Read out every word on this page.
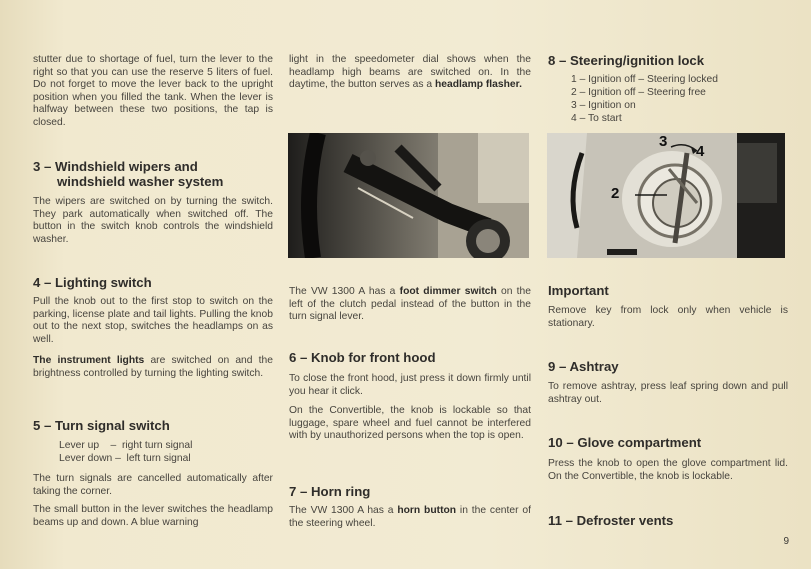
stutter due to shortage of fuel, turn the lever to the right so that you can use the reserve 5 liters of fuel. Do not forget to move the lever back to the upright position when you filled the tank. When the lever is halfway between these two positions, the tap is closed.

3 – Windshield wipers and
windshield washer system

The wipers are switched on by turning the switch. They park automatically when switched off. The button in the switch knob controls the windshield washer.

4 – Lighting switch

Pull the knob out to the first stop to switch on the parking, license plate and tail lights. Pulling the knob out to the next stop, switches the headlamps on as well.

The instrument lights are switched on and the brightness controlled by turning the lighting switch.

5 – Turn signal switch
Lever up    –  right turn signal
Lever down –  left turn signal

The turn signals are cancelled automatically after taking the corner.

The small button in the lever switches the headlamp beams up and down. A blue warning

light in the speedometer dial shows when the headlamp high beams are switched on. In the daytime, the button serves as a headlamp flasher.

The VW 1300 A has a foot dimmer switch on the left of the clutch pedal instead of the button in the turn signal lever.

6 – Knob for front hood

To close the front hood, just press it down firmly until you hear it click.

On the Convertible, the knob is lockable so that luggage, spare wheel and fuel cannot be interfered with by unauthorized persons when the top is open.

7 – Horn ring

The VW 1300 A has a horn button in the center of the steering wheel.

8 – Steering/ignition lock
1 – Ignition off – Steering locked
2 – Ignition off – Steering free
3 – Ignition on
4 – To start
3
4
2
Important

Remove key from lock only when vehicle is stationary.

9 – Ashtray

To remove ashtray, press leaf spring down and pull ashtray out.

10 – Glove compartment

Press the knob to open the glove compartment lid. On the Convertible, the knob is lockable.

11 – Defroster vents
9
